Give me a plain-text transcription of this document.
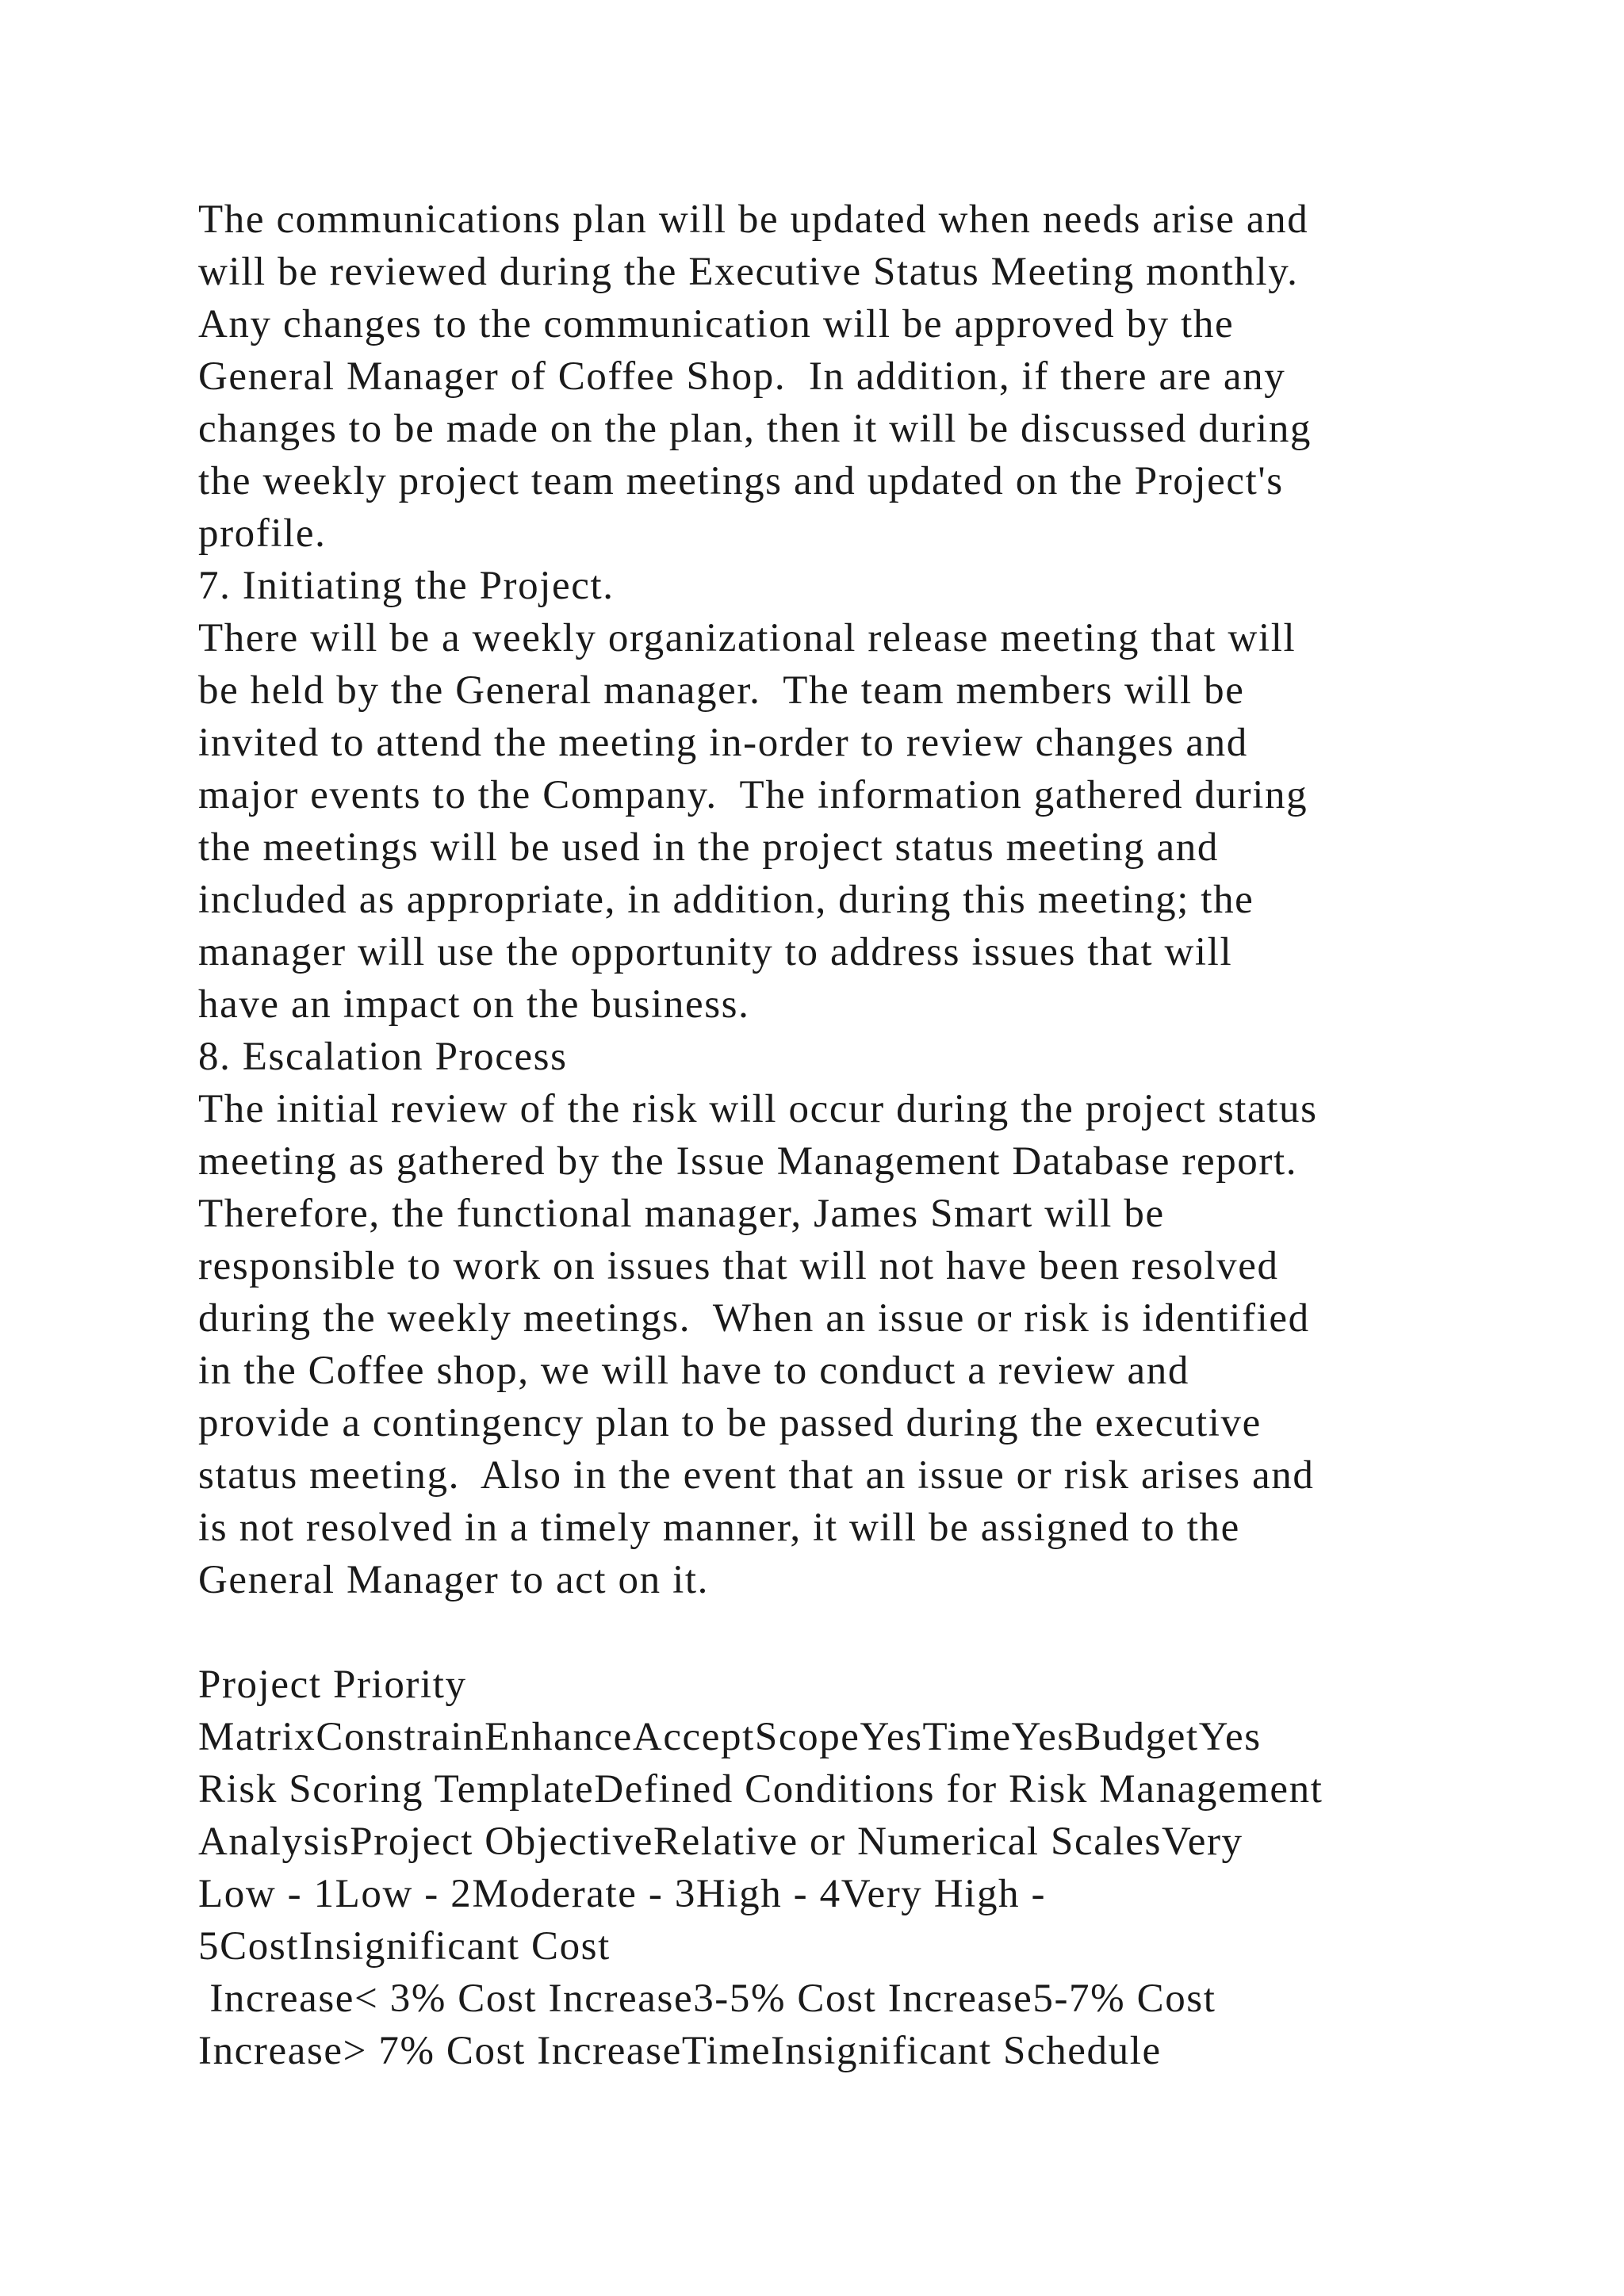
The communications plan will be updated when needs arise and
will be reviewed during the Executive Status Meeting monthly.
Any changes to the communication will be approved by the
General Manager of Coffee Shop.  In addition, if there are any
changes to be made on the plan, then it will be discussed during
the weekly project team meetings and updated on the Project's
profile.
7. Initiating the Project.
There will be a weekly organizational release meeting that will
be held by the General manager.  The team members will be
invited to attend the meeting in-order to review changes and
major events to the Company.  The information gathered during
the meetings will be used in the project status meeting and
included as appropriate, in addition, during this meeting; the
manager will use the opportunity to address issues that will
have an impact on the business.
8. Escalation Process
The initial review of the risk will occur during the project status
meeting as gathered by the Issue Management Database report.
Therefore, the functional manager, James Smart will be
responsible to work on issues that will not have been resolved
during the weekly meetings.  When an issue or risk is identified
in the Coffee shop, we will have to conduct a review and
provide a contingency plan to be passed during the executive
status meeting.  Also in the event that an issue or risk arises and
is not resolved in a timely manner, it will be assigned to the
General Manager to act on it.
Project Priority
MatrixConstrainEnhanceAcceptScopeYesTimeYesBudgetYes
Risk Scoring TemplateDefined Conditions for Risk Management
AnalysisProject ObjectiveRelative or Numerical ScalesVery
Low - 1Low - 2Moderate - 3High - 4Very High -
5CostInsignificant Cost
Increase< 3% Cost Increase3-5% Cost Increase5-7% Cost
Increase> 7% Cost IncreaseTimeInsignificant Schedule
